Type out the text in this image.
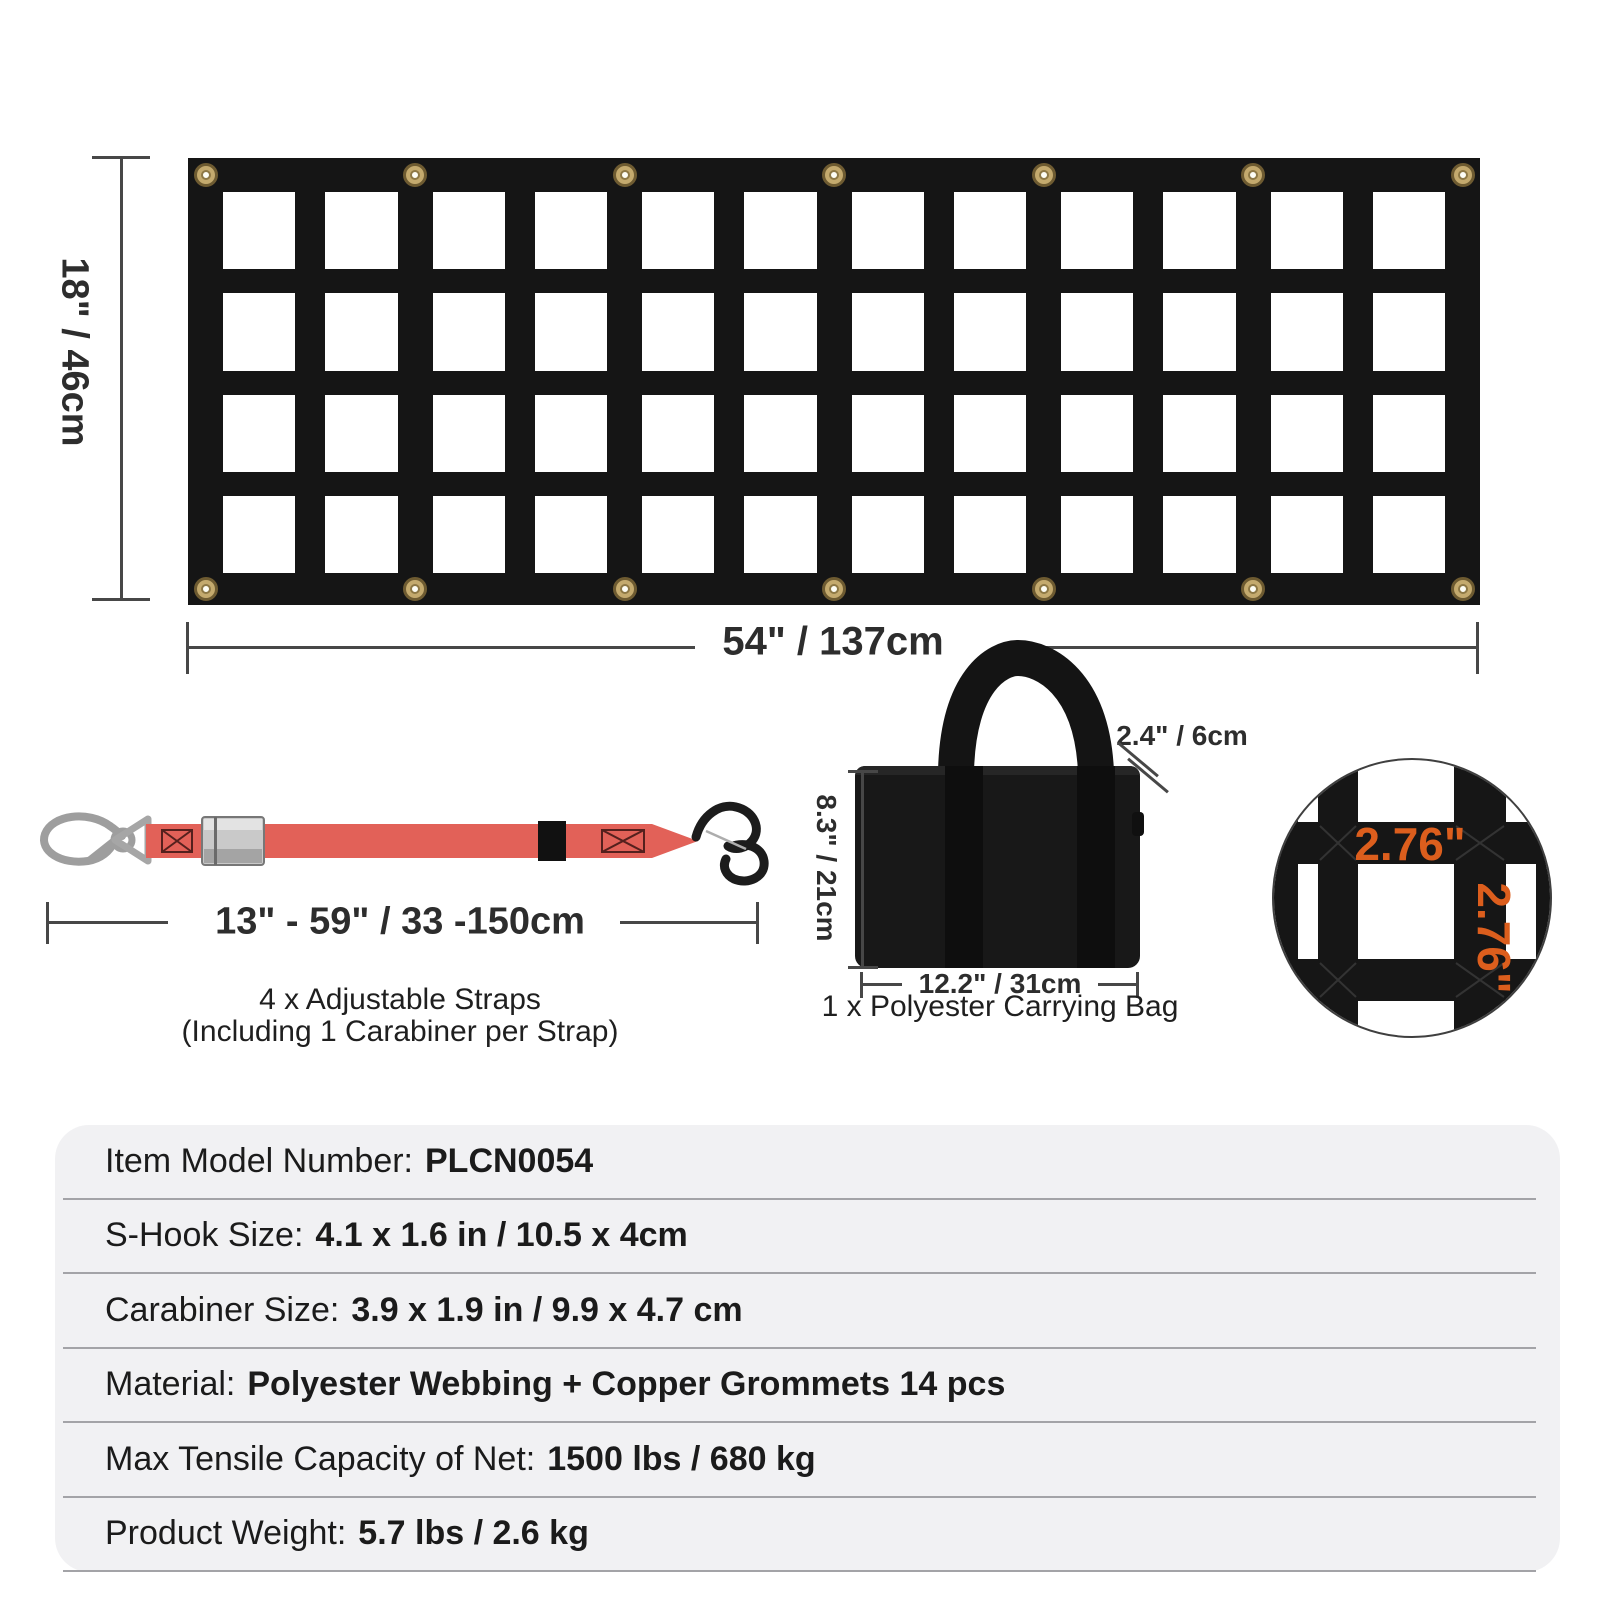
18" / 46cm
54" / 137cm
13" - 59" / 33 -150cm
4 x Adjustable Straps
(Including 1 Carabiner per Strap)
8.3" / 21cm
2.4" / 6cm
12.2" / 31cm
1 x Polyester Carrying Bag
2.76"
2.76"
Item Model Number: PLCN0054
S-Hook Size: 4.1 x 1.6 in / 10.5 x 4cm
Carabiner Size: 3.9 x 1.9 in / 9.9 x 4.7 cm
Material: Polyester Webbing + Copper Grommets 14 pcs
Max Tensile Capacity of Net: 1500 lbs / 680 kg
Product Weight: 5.7 lbs / 2.6 kg
